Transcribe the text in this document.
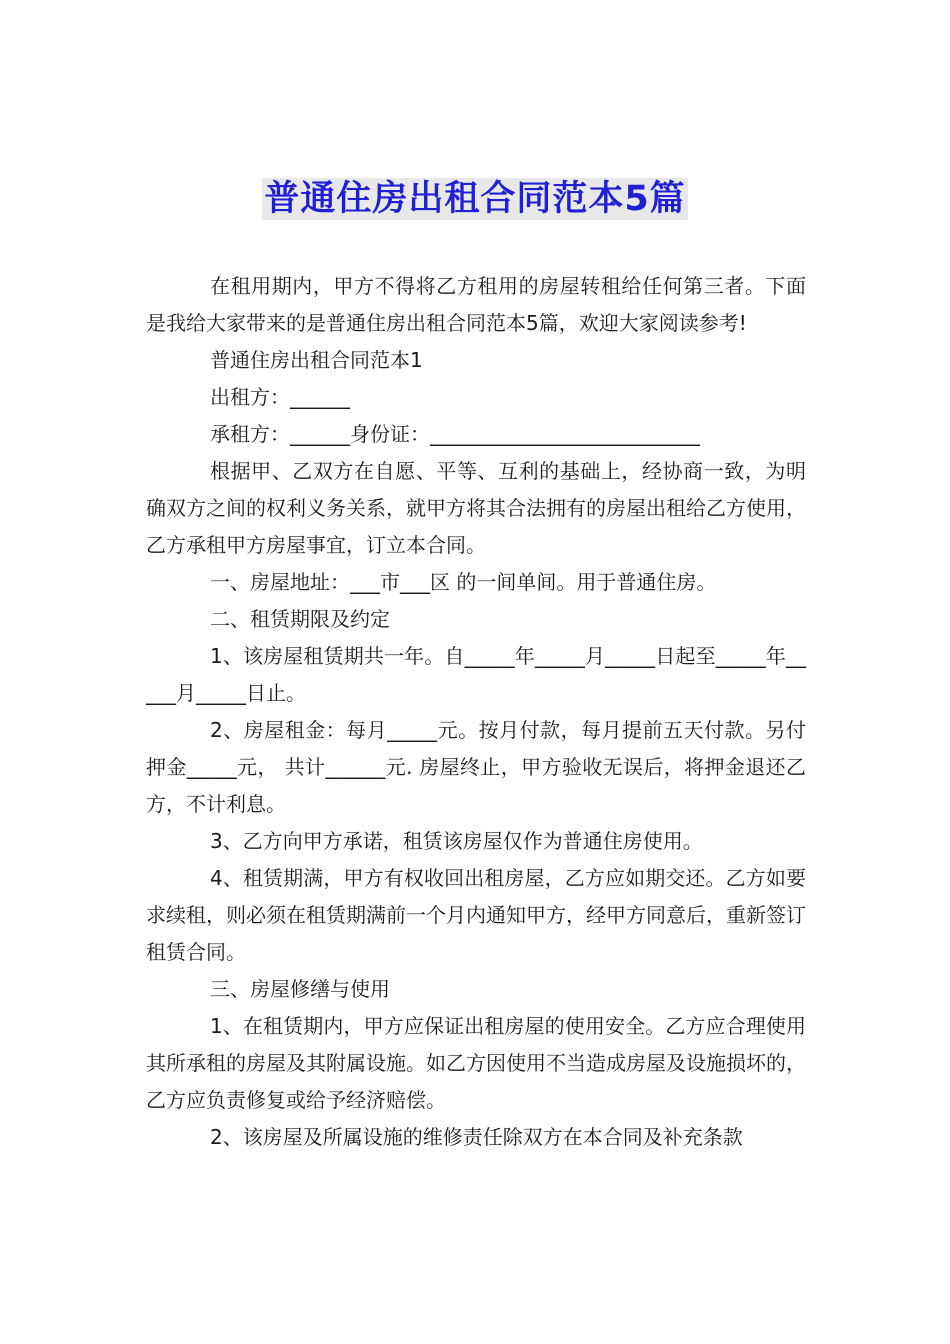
普通住房出租合同范本5篇

在租用期内，甲方不得将乙方租用的房屋转租给任何第三者。下面是我给大家带来的是普通住房出租合同范本5篇，欢迎大家阅读参考!

普通住房出租合同范本1

出租方：______

承租方：______身份证：___________________________

根据甲、乙双方在自愿、平等、互利的基础上，经协商一致，为明确双方之间的权利义务关系，就甲方将其合法拥有的房屋出租给乙方使用，乙方承租甲方房屋事宜，订立本合同。

一、房屋地址：___市___区 的一间单间。用于普通住房。

二、租赁期限及约定

1、该房屋租赁期共一年。自_____年_____月_____日起至_____年_____月_____日止。

2、房屋租金：每月_____元。按月付款，每月提前五天付款。另付押金_____元， 共计______元. 房屋终止，甲方验收无误后，将押金退还乙方，不计利息。

3、乙方向甲方承诺，租赁该房屋仅作为普通住房使用。

4、租赁期满，甲方有权收回出租房屋，乙方应如期交还。乙方如要求续租，则必须在租赁期满前一个月内通知甲方，经甲方同意后，重新签订租赁合同。

三、房屋修缮与使用

1、在租赁期内，甲方应保证出租房屋的使用安全。乙方应合理使用其所承租的房屋及其附属设施。如乙方因使用不当造成房屋及设施损坏的，乙方应负责修复或给予经济赔偿。

2、该房屋及所属设施的维修责任除双方在本合同及补充条款
